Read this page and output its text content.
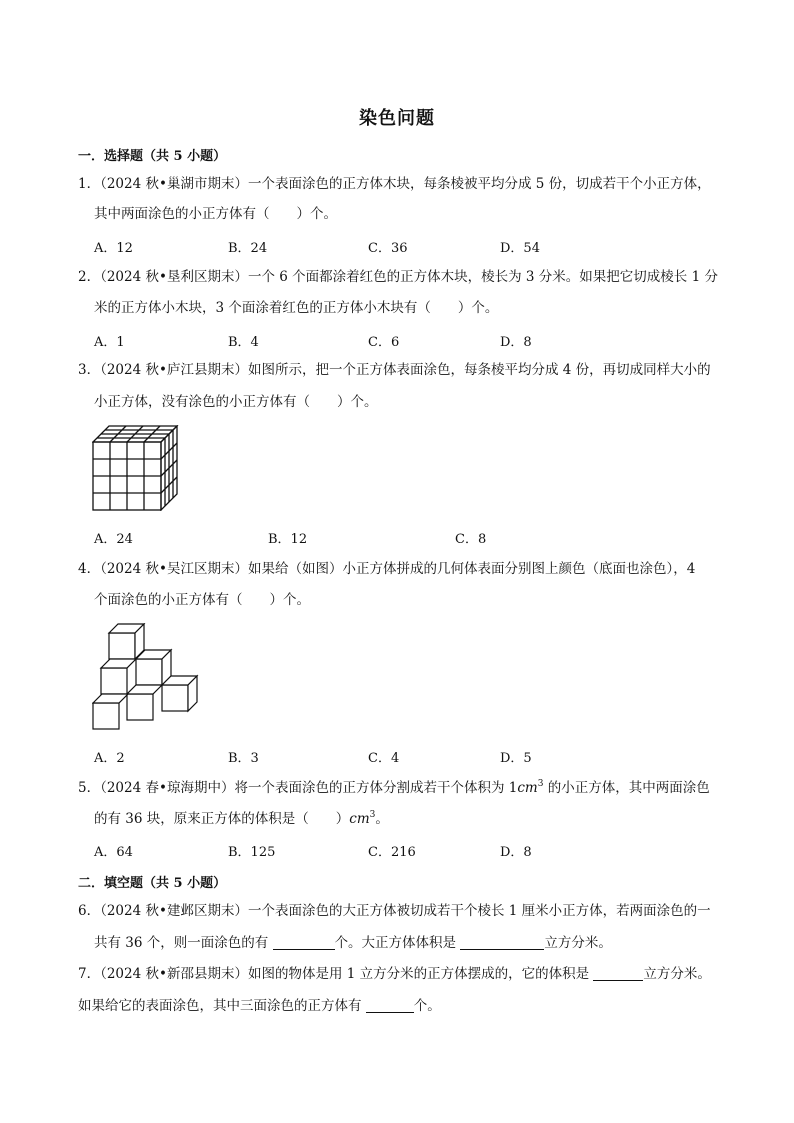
染色问题
一．选择题（共 5 小题）
1．（2024 秋•巢湖市期末）一个表面涂色的正方体木块，每条棱被平均分成 5 份，切成若干个小正方体，
其中两面涂色的小正方体有（　　）个。
A．12	B．24	C．36	D．54
2．（2024 秋•垦利区期末）一个 6 个面都涂着红色的正方体木块，棱长为 3 分米。如果把它切成棱长 1 分
米的正方体小木块，3 个面涂着红色的正方体小木块有（　　）个。
A．1	B．4	C．6	D．8
3．（2024 秋•庐江县期末）如图所示，把一个正方体表面涂色，每条棱平均分成 4 份，再切成同样大小的
小正方体，没有涂色的小正方体有（　　）个。
A．24	B．12	C．8
4．（2024 秋•吴江区期末）如果给（如图）小正方体拼成的几何体表面分别图上颜色（底面也涂色），4
个面涂色的小正方体有（　　）个。
A．2	B．3	C．4	D．5
5．（2024 春•琼海期中）将一个表面涂色的正方体分割成若干个体积为 $1cm^3$ 的小正方体，其中两面涂色
的有 36 块，原来正方体的体积是（　　）$cm^3$。
A．64	B．125	C．216	D．8
二．填空题（共 5 小题）
6．（2024 秋•建邺区期末）一个表面涂色的大正方体被切成若干个棱长 1 厘米小正方体，若两面涂色的一
共有 36 个，则一面涂色的有	个。大正方体体积是	立方分米。
7．（2024 秋•新邵县期末）如图的物体是用 1 立方分米的正方体摆成的，它的体积是	立方分米。
如果给它的表面涂色，其中三面涂色的正方体有	个。
